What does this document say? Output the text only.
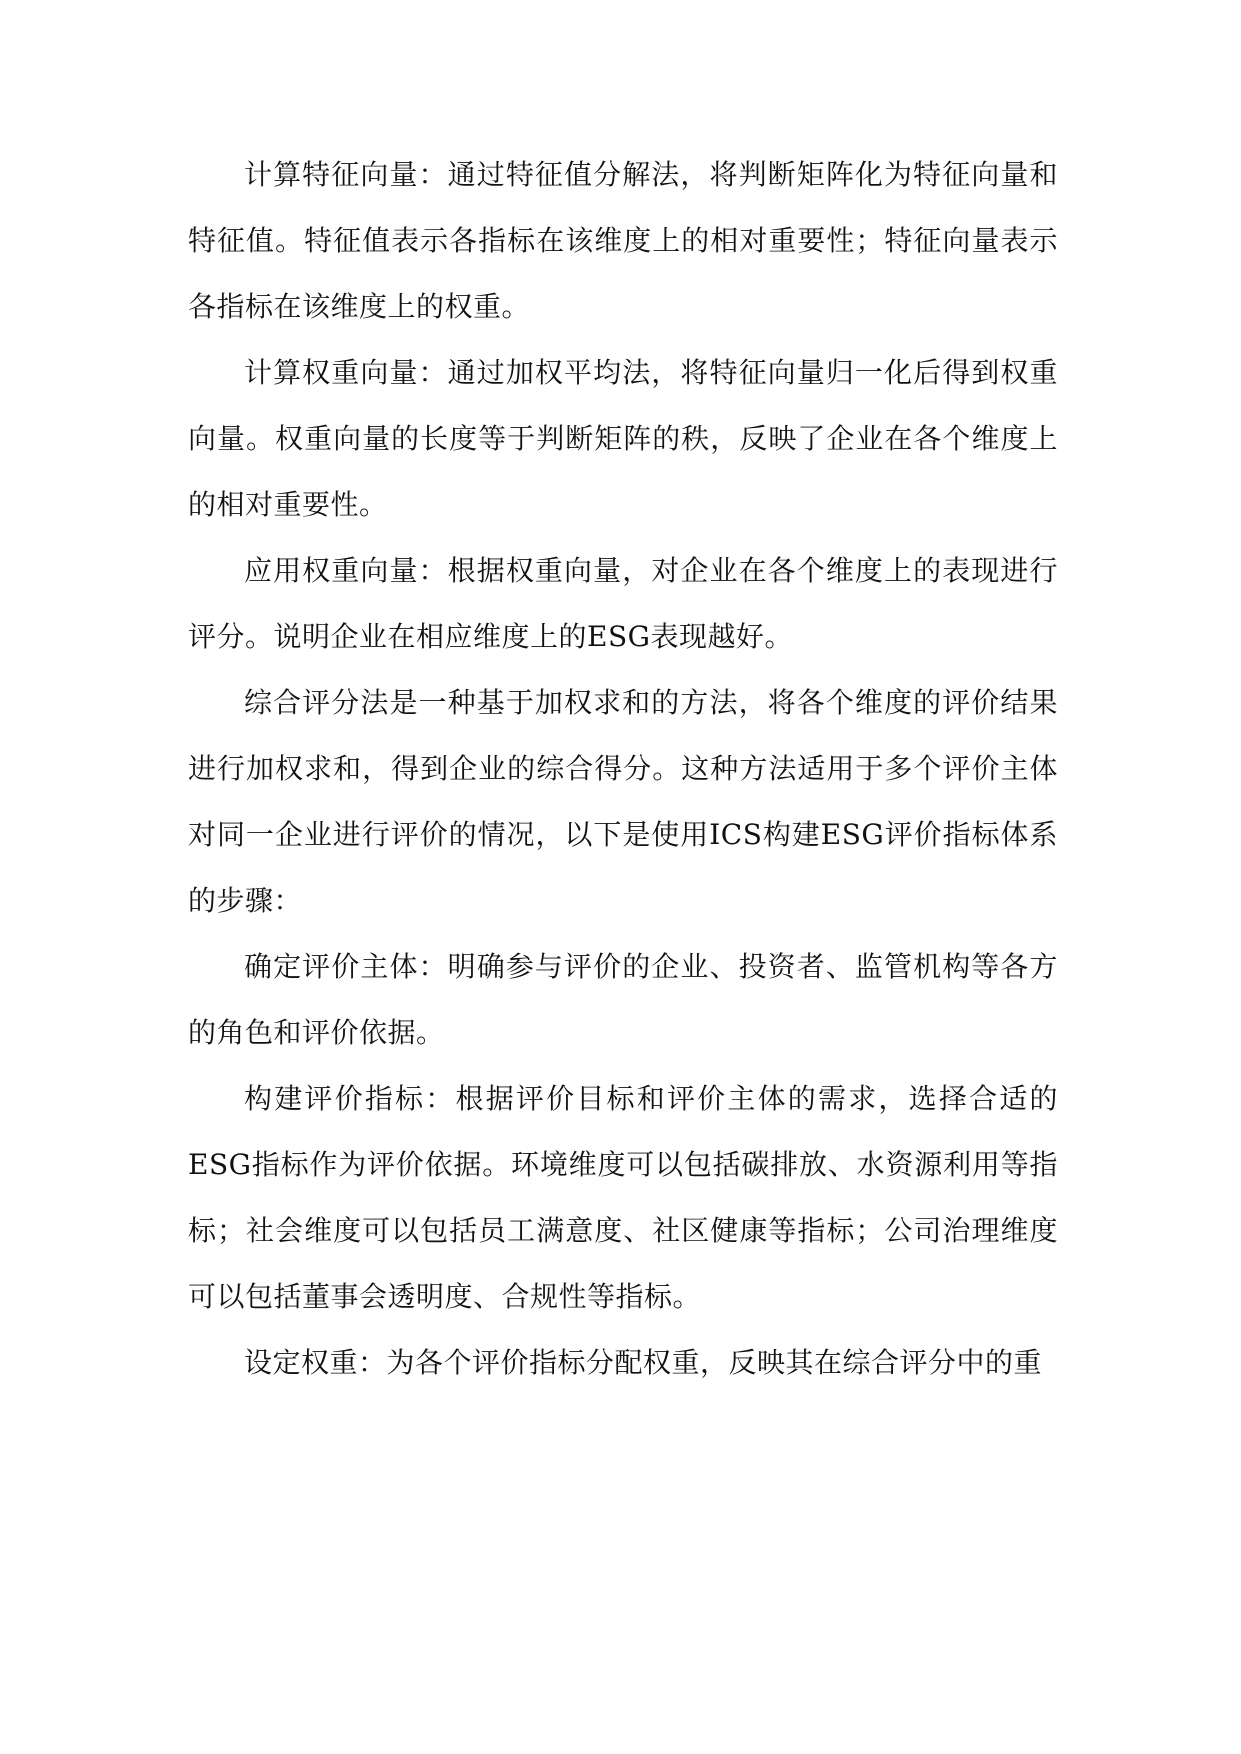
计算特征向量：通过特征值分解法，将判断矩阵化为特征向量和特征值。特征值表示各指标在该维度上的相对重要性；特征向量表示各指标在该维度上的权重。

计算权重向量：通过加权平均法，将特征向量归一化后得到权重向量。权重向量的长度等于判断矩阵的秩，反映了企业在各个维度上的相对重要性。

应用权重向量：根据权重向量，对企业在各个维度上的表现进行评分。说明企业在相应维度上的ESG表现越好。

综合评分法是一种基于加权求和的方法，将各个维度的评价结果进行加权求和，得到企业的综合得分。这种方法适用于多个评价主体对同一企业进行评价的情况，以下是使用ICS构建ESG评价指标体系的步骤：

确定评价主体：明确参与评价的企业、投资者、监管机构等各方的角色和评价依据。

构建评价指标：根据评价目标和评价主体的需求，选择合适的ESG指标作为评价依据。环境维度可以包括碳排放、水资源利用等指标；社会维度可以包括员工满意度、社区健康等指标；公司治理维度可以包括董事会透明度、合规性等指标。

设定权重：为各个评价指标分配权重，反映其在综合评分中的重
